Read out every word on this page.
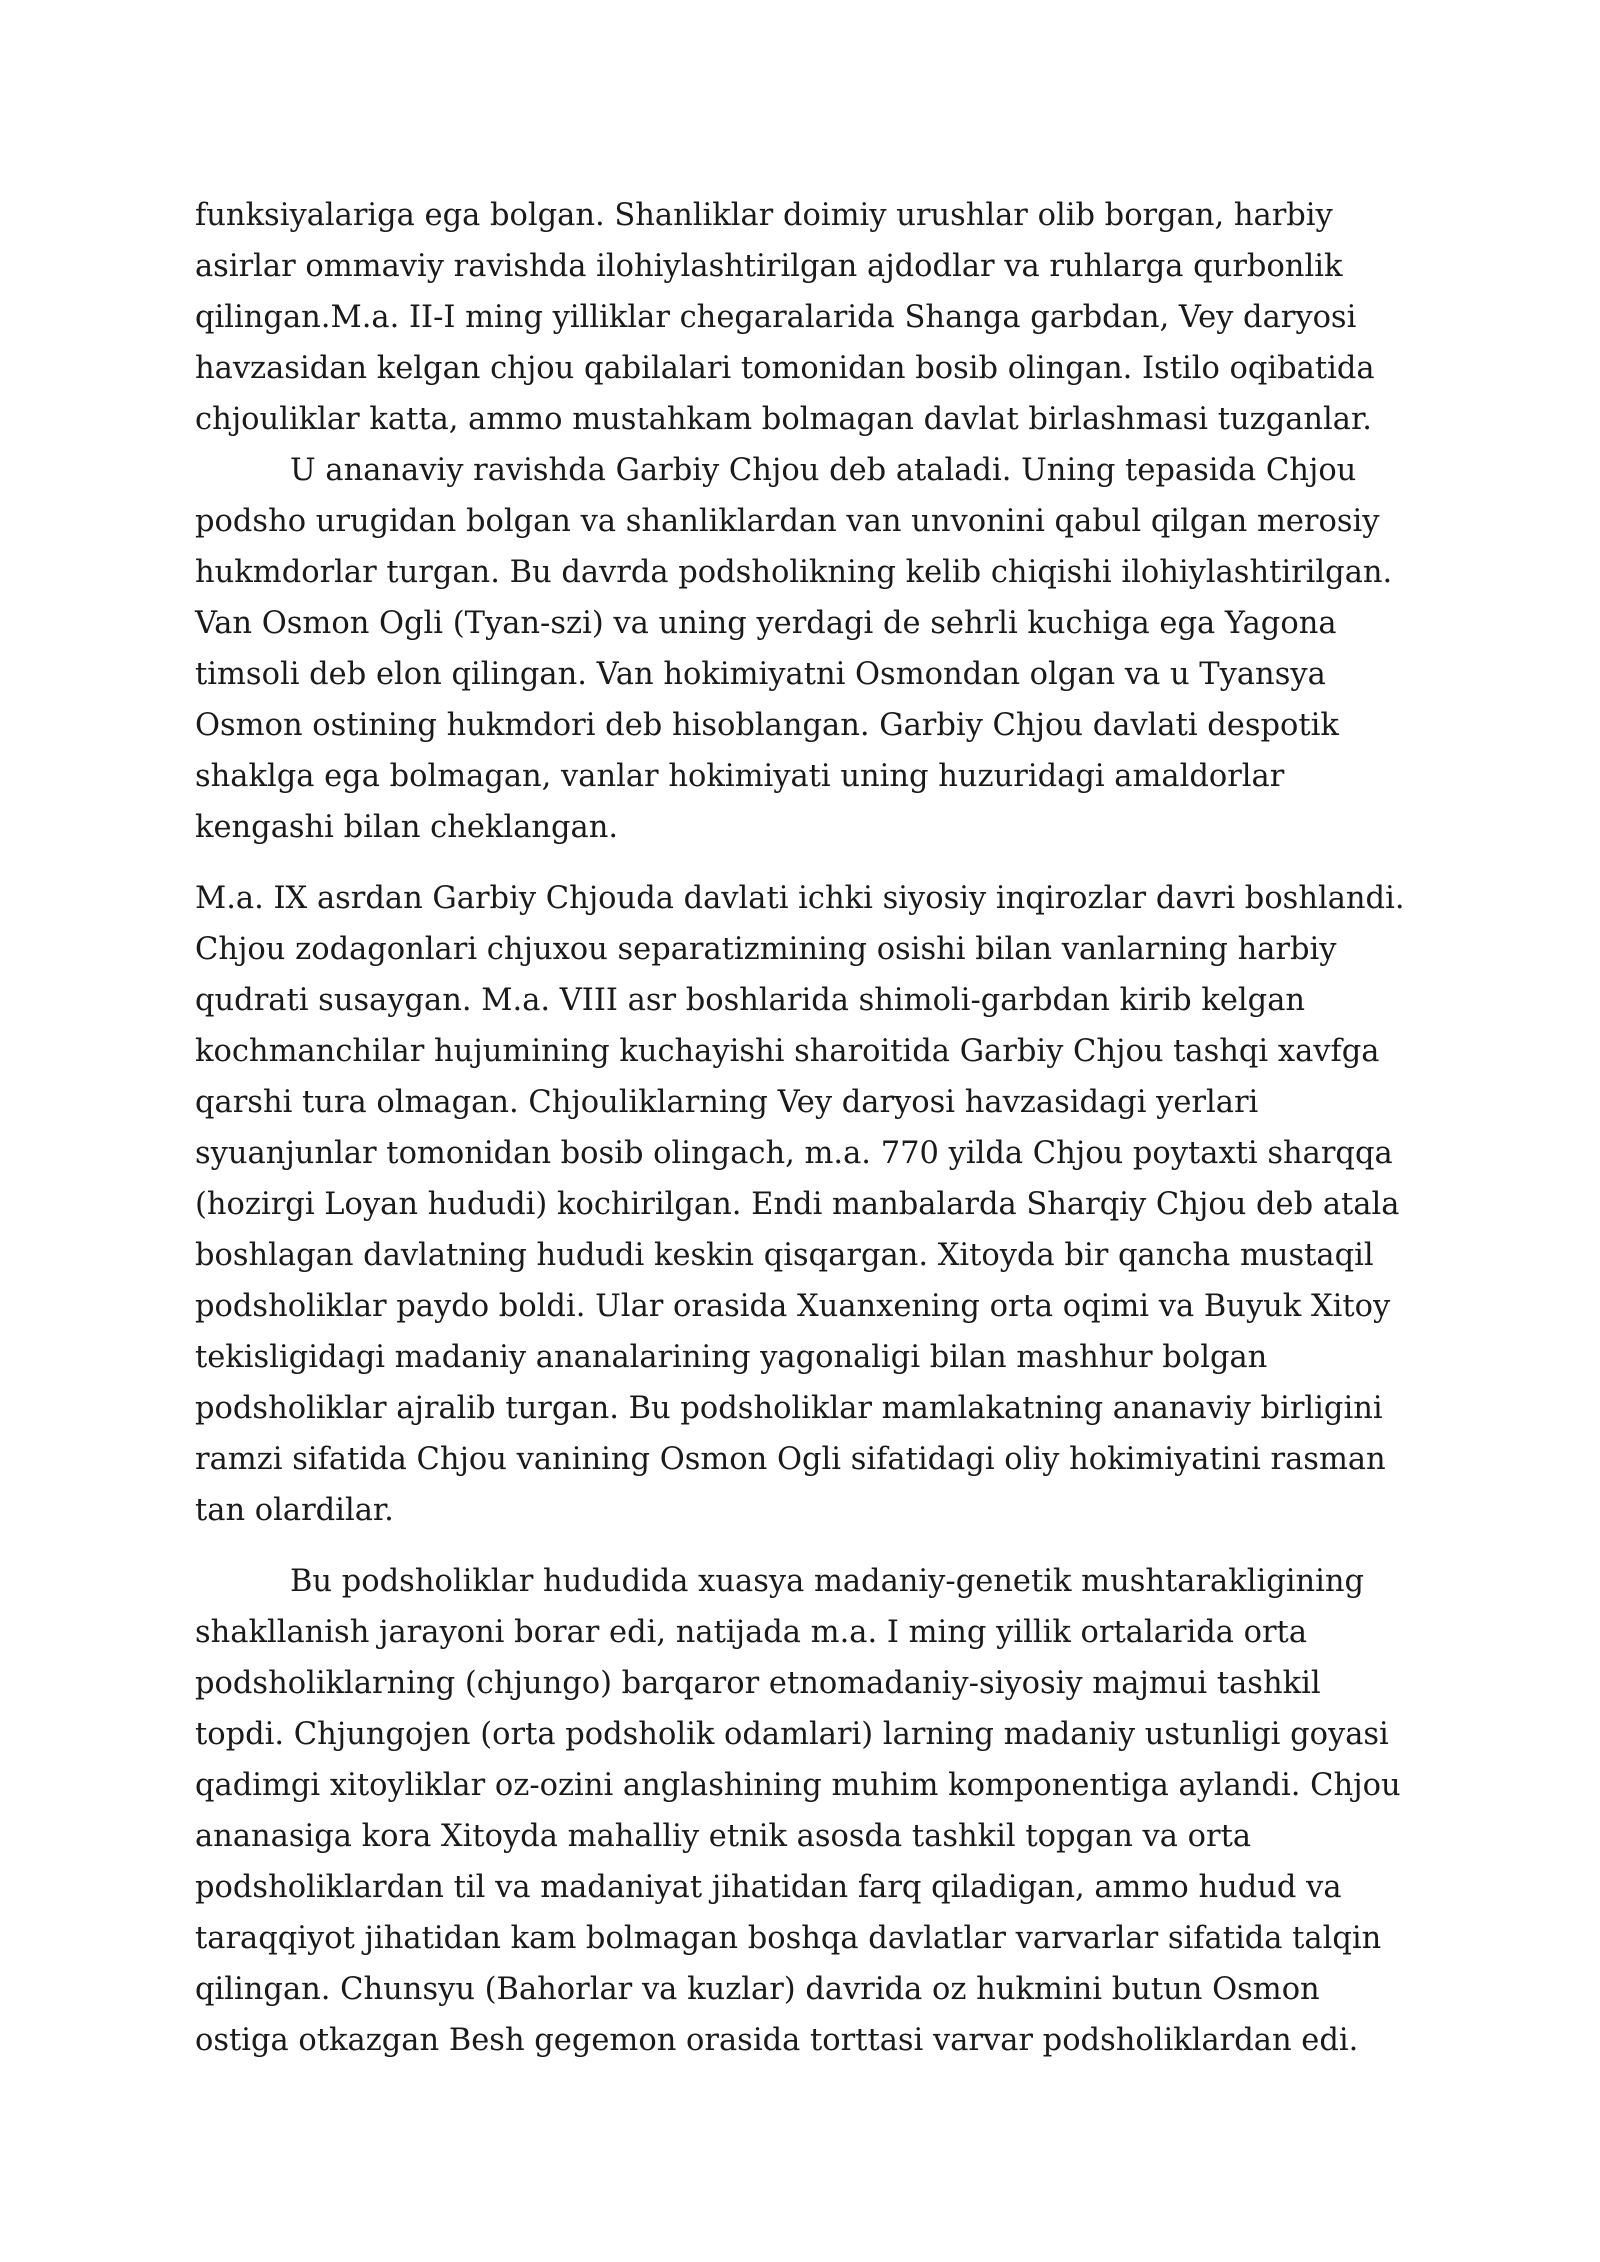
funksiyalariga ega bolgan. Shanliklar doimiy urushlar olib borgan, harbiy
asirlar ommaviy ravishda ilohiylashtirilgan ajdodlar va ruhlarga qurbonlik
qilingan.M.a. II-I ming yilliklar chegaralarida Shanga garbdan, Vey daryosi
havzasidan kelgan chjou qabilalari tomonidan bosib olingan. Istilo oqibatida
chjouliklar katta, ammo mustahkam bolmagan davlat birlashmasi tuzganlar.
U ananaviy ravishda Garbiy Chjou deb ataladi. Uning tepasida Chjou
podsho urugidan bolgan va shanliklardan van unvonini qabul qilgan merosiy
hukmdorlar turgan. Bu davrda podsholikning kelib chiqishi ilohiylashtirilgan.
Van Osmon Ogli (Tyan-szi) va uning yerdagi de sehrli kuchiga ega Yagona
timsoli deb elon qilingan. Van hokimiyatni Osmondan olgan va u Tyansya
Osmon ostining hukmdori deb hisoblangan. Garbiy Chjou davlati despotik
shaklga ega bolmagan, vanlar hokimiyati uning huzuridagi amaldorlar
kengashi bilan cheklangan.
M.a. IX asrdan Garbiy Chjouda davlati ichki siyosiy inqirozlar davri boshlandi.
Chjou zodagonlari chjuxou separatizmining osishi bilan vanlarning harbiy
qudrati susaygan. M.a. VIII asr boshlarida shimoli-garbdan kirib kelgan
kochmanchilar hujumining kuchayishi sharoitida Garbiy Chjou tashqi xavfga
qarshi tura olmagan. Chjouliklarning Vey daryosi havzasidagi yerlari
syuanjunlar tomonidan bosib olingach, m.a. 770 yilda Chjou poytaxti sharqqa
(hozirgi Loyan hududi) kochirilgan. Endi manbalarda Sharqiy Chjou deb atala
boshlagan davlatning hududi keskin qisqargan. Xitoyda bir qancha mustaqil
podsholiklar paydo boldi. Ular orasida Xuanxening orta oqimi va Buyuk Xitoy
tekisligidagi madaniy ananalarining yagonaligi bilan mashhur bolgan
podsholiklar ajralib turgan. Bu podsholiklar mamlakatning ananaviy birligini
ramzi sifatida Chjou vanining Osmon Ogli sifatidagi oliy hokimiyatini rasman
tan olardilar.
Bu podsholiklar hududida xuasya madaniy-genetik mushtarakligining
shakllanish jarayoni borar edi, natijada m.a. I ming yillik ortalarida orta
podsholiklarning (chjungo) barqaror etnomadaniy-siyosiy majmui tashkil
topdi. Chjungojen (orta podsholik odamlari) larning madaniy ustunligi goyasi
qadimgi xitoyliklar oz-ozini anglashining muhim komponentiga aylandi. Chjou
ananasiga kora Xitoyda mahalliy etnik asosda tashkil topgan va orta
podsholiklardan til va madaniyat jihatidan farq qiladigan, ammo hudud va
taraqqiyot jihatidan kam bolmagan boshqa davlatlar varvarlar sifatida talqin
qilingan. Chunsyu (Bahorlar va kuzlar) davrida oz hukmini butun Osmon
ostiga otkazgan Besh gegemon orasida torttasi varvar podsholiklardan edi.
